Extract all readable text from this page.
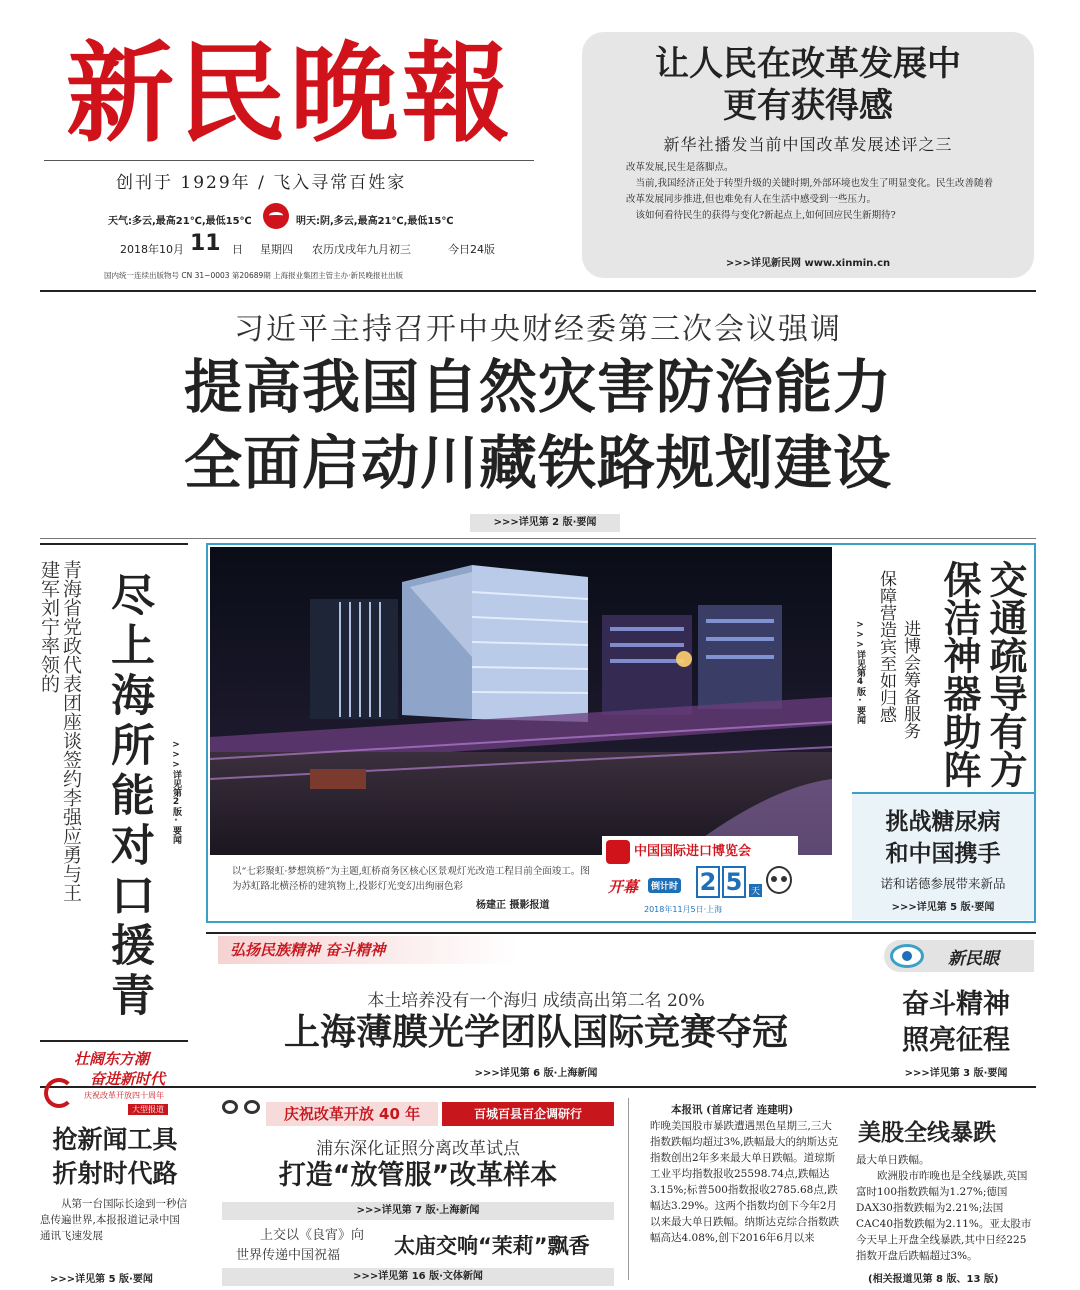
新民晚報
创刊于 1929年 / 飞入寻常百姓家
天气:多云,最高21℃,最低15℃	明天:阴,多云,最高21℃,最低15℃
2018年10月 11 日 星期四 农历戊戌年九月初三	今日24版
国内统一连续出版物号 CN 31−0003 第20689期 上海报业集团主管主办·新民晚报社出版
让人民在改革发展中
更有获得感
新华社播发当前中国改革发展述评之三

改革发展,民生是落脚点。

当前,我国经济正处于转型升级的关键时期,外部环境也发生了明显变化。民生改善随着改革发展同步推进,但也难免有人在生活中感受到一些压力。

该如何看待民生的获得与变化?新起点上,如何回应民生新期待?

>>>详见新民网 www.xinmin.cn
习近平主持召开中央财经委第三次会议强调
提高我国自然灾害防治能力
全面启动川藏铁路规划建设
>>>详见第 2 版·要闻
青海省党政代表团座谈签约李强应勇与王建军刘宁率领的 尽上海所能对口援青 >>>详见第2版·要闻
以“七彩聚虹·梦想筑桥”为主题,虹桥商务区核心区景观灯光改造工程目前全面竣工。图为苏虹路北横泾桥的建筑物上,投影灯光变幻出绚丽色彩
杨建正 摄影报道
中国国际进口博览会
开幕	倒计时 2 5 天
2018年11月5日·上海
交通疏导有方保洁神器助阵
进博会筹备服务
保障营造宾至如归感
>>>详见第4版·要闻
挑战糖尿病
和中国携手
诺和诺德参展带来新品
>>>详见第 5 版·要闻
弘扬民族精神 奋斗精神
本土培养没有一个海归 成绩高出第二名 20%
上海薄膜光学团队国际竞赛夺冠
>>>详见第 6 版·上海新闻
新民眼
奋斗精神
照亮征程
>>>详见第 3 版·要闻
壮阔东方潮
奋进新时代
庆祝改革开放四十周年
大型报道
抢新闻工具
折射时代路
从第一台国际长途到一秒信息传遍世界,本报报道记录中国通讯飞速发展
>>>详见第 5 版·要闻
庆祝改革开放 40 年	百城百县百企调研行
浦东深化证照分离改革试点
打造“放管服”改革样本
>>>详见第 7 版·上海新闻
上交以《良宵》向
世界传递中国祝福	太庙交响“茉莉”飘香
>>>详见第 16 版·文体新闻

本报讯 (首席记者 连建明)

昨晚美国股市暴跌遭遇黑色星期三,三大指数跌幅均超过3%,跌幅最大的纳斯达克指数创出2年多来最大单日跌幅。道琼斯工业平均指数报收25598.74点,跌幅达3.15%;标普500指数报收2785.68点,跌幅达3.29%。这两个指数均创下今年2月以来最大单日跌幅。纳斯达克综合指数跌幅高达4.08%,创下2016年6月以来

美股全线暴跌

最大单日跌幅。

欧洲股市昨晚也是全线暴跌,英国富时100指数跌幅为1.27%;德国DAX30指数跌幅为2.21%;法国CAC40指数跌幅为2.11%。亚太股市今天早上开盘全线暴跌,其中日经225指数开盘后跌幅超过3%。

(相关报道见第 8 版、13 版)
